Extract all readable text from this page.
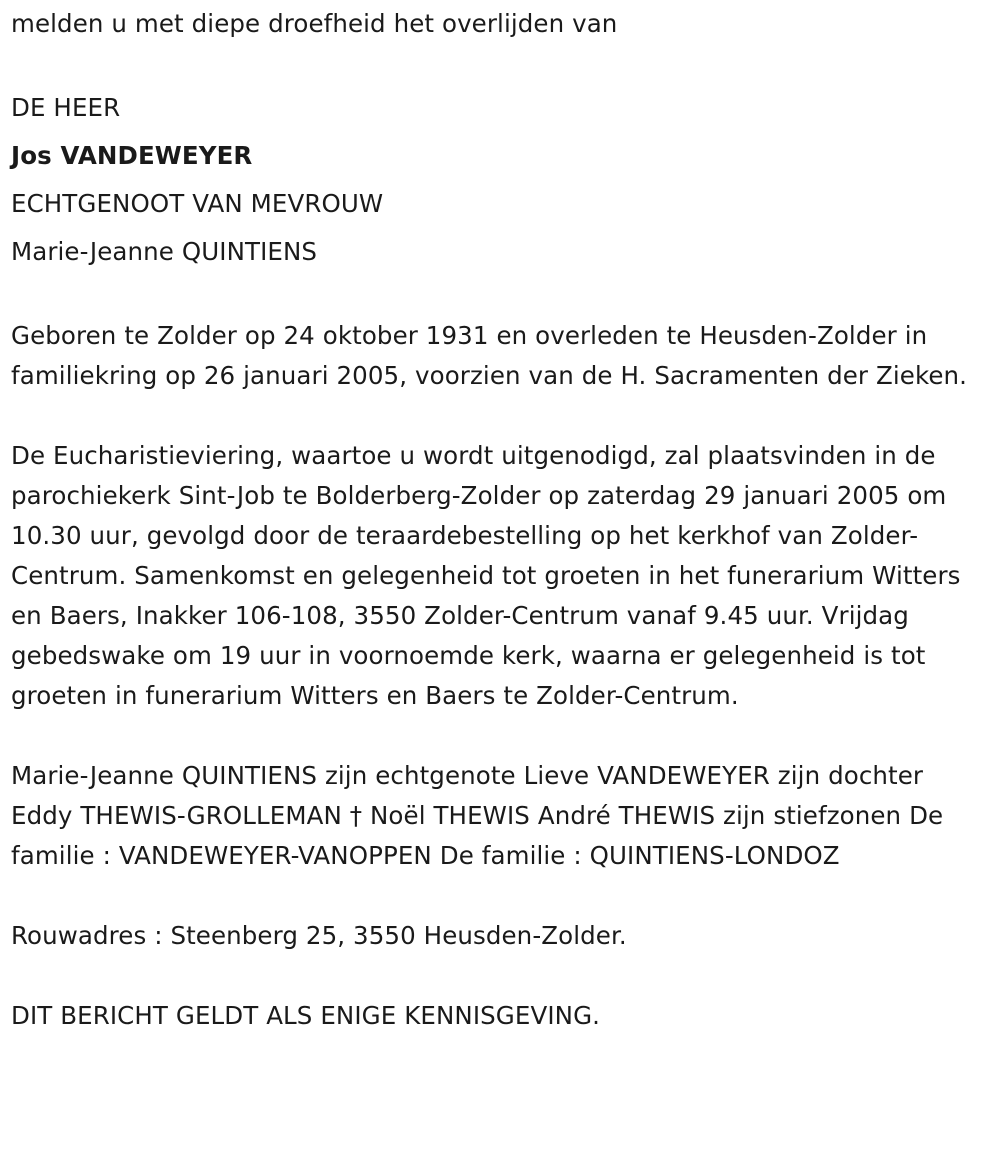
melden u met diepe droefheid het overlijden van

DE HEER

Jos VANDEWEYER

ECHTGENOOT VAN MEVROUW

Marie-Jeanne QUINTIENS

Geboren te Zolder op 24 oktober 1931 en overleden te Heusden-Zolder in familiekring op 26 januari 2005, voorzien van de H. Sacramenten der Zieken.

De Eucharistieviering, waartoe u wordt uitgenodigd, zal plaatsvinden in de parochiekerk Sint-Job te Bolderberg-Zolder op zaterdag 29 januari 2005 om 10.30 uur, gevolgd door de teraardebestelling op het kerkhof van Zolder-Centrum. Samenkomst en gelegenheid tot groeten in het funerarium Witters en Baers, Inakker 106-108, 3550 Zolder-Centrum vanaf 9.45 uur. Vrijdag gebedswake om 19 uur in voornoemde kerk, waarna er gelegenheid is tot groeten in funerarium Witters en Baers te Zolder-Centrum.

Marie-Jeanne QUINTIENS zijn echtgenote Lieve VANDEWEYER zijn dochter Eddy THEWIS-GROLLEMAN † Noël THEWIS André THEWIS zijn stiefzonen De familie : VANDEWEYER-VANOPPEN De familie : QUINTIENS-LONDOZ

Rouwadres : Steenberg 25, 3550 Heusden-Zolder.

DIT BERICHT GELDT ALS ENIGE KENNISGEVING.
